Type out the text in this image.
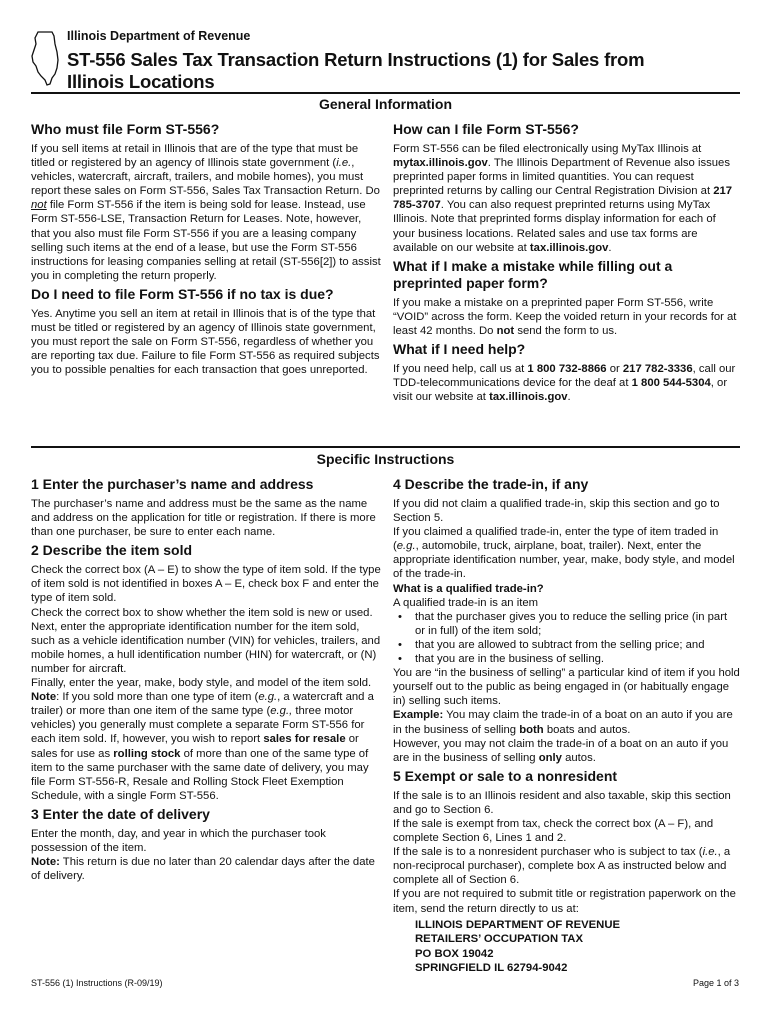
Illinois Department of Revenue
ST-556 Sales Tax Transaction Return Instructions (1) for Sales from
Illinois Locations
General Information
Who must file Form ST-556?

If you sell items at retail in Illinois that are of the type that must be titled or registered by an agency of Illinois state government (i.e., vehicles, watercraft, aircraft, trailers, and mobile homes), you must report these sales on Form ST-556, Sales Tax Transaction Return. Do not file Form ST-556 if the item is being sold for lease. Instead, use Form ST-556-LSE, Transaction Return for Leases. Note, however, that you also must file Form ST-556 if you are a leasing company selling such items at the end of a lease, but use the Form ST-556 instructions for leasing companies selling at retail (ST-556[2]) to assist you in completing the return properly.

Do I need to file Form ST-556 if no tax is due?

Yes. Anytime you sell an item at retail in Illinois that is of the type that must be titled or registered by an agency of Illinois state government, you must report the sale on Form ST-556, regardless of whether you are reporting tax due. Failure to file Form ST-556 as required subjects you to possible penalties for each transaction that goes unreported.

How can I file Form ST-556?

Form ST-556 can be filed electronically using MyTax Illinois at mytax.illinois.gov. The Illinois Department of Revenue also issues preprinted paper forms in limited quantities. You can request preprinted returns by calling our Central Registration Division at 217 785-3707. You can also request preprinted returns using MyTax Illinois. Note that preprinted forms display information for each of your business locations. Related sales and use tax forms are available on our website at tax.illinois.gov.

What if I make a mistake while filling out a preprinted paper form?

If you make a mistake on a preprinted paper Form ST-556, write “VOID” across the form. Keep the voided return in your records for at least 42 months. Do not send the form to us.

What if I need help?

If you need help, call us at 1 800 732-8866 or 217 782-3336, call our TDD-telecommunications device for the deaf at 1 800 544-5304, or visit our website at tax.illinois.gov.

Specific Instructions
1 Enter the purchaser’s name and address

The purchaser’s name and address must be the same as the name and address on the application for title or registration. If there is more than one purchaser, be sure to enter each name.

2 Describe the item sold

Check the correct box (A – E) to show the type of item sold. If the type of item sold is not identified in boxes A – E, check box F and enter the type of item sold.

Check the correct box to show whether the item sold is new or used.

Next, enter the appropriate identification number for the item sold, such as a vehicle identification number (VIN) for vehicles, trailers, and mobile homes, a hull identification number (HIN) for watercraft, or (N) number for aircraft.

Finally, enter the year, make, body style, and model of the item sold.

Note: If you sold more than one type of item (e.g., a watercraft and a trailer) or more than one item of the same type (e.g., three motor vehicles) you generally must complete a separate Form ST-556 for each item sold. If, however, you wish to report sales for resale or sales for use as rolling stock of more than one of the same type of item to the same purchaser with the same date of delivery, you may file Form ST-556-R, Resale and Rolling Stock Fleet Exemption Schedule, with a single Form ST-556.

3 Enter the date of delivery

Enter the month, day, and year in which the purchaser took possession of the item.

Note: This return is due no later than 20 calendar days after the date of delivery.

4 Describe the trade-in, if any

If you did not claim a qualified trade-in, skip this section and go to Section 5.

If you claimed a qualified trade-in, enter the type of item traded in (e.g., automobile, truck, airplane, boat, trailer). Next, enter the appropriate identification number, year, make, body style, and model of the trade-in.

What is a qualified trade-in?

A qualified trade-in is an item

• that the purchaser gives you to reduce the selling price (in part or in full) of the item sold;
• that you are allowed to subtract from the selling price; and
• that you are in the business of selling.

You are “in the business of selling” a particular kind of item if you hold yourself out to the public as being engaged in (or habitually engage in) selling such items.

Example: You may claim the trade-in of a boat on an auto if you are in the business of selling both boats and autos.

However, you may not claim the trade-in of a boat on an auto if you are in the business of selling only autos.

5 Exempt or sale to a nonresident

If the sale is to an Illinois resident and also taxable, skip this section and go to Section 6.

If the sale is exempt from tax, check the correct box (A – F), and complete Section 6, Lines 1 and 2.

If the sale is to a nonresident purchaser who is subject to tax (i.e., a non-reciprocal purchaser), complete box A as instructed below and complete all of Section 6.

If you are not required to submit title or registration paperwork on the item, send the return directly to us at:

ILLINOIS DEPARTMENT OF REVENUE
RETAILERS’ OCCUPATION TAX
PO BOX 19042
SPRINGFIELD IL 62794-9042

ST-556 (1) Instructions (R-09/19)	Page 1 of 3
